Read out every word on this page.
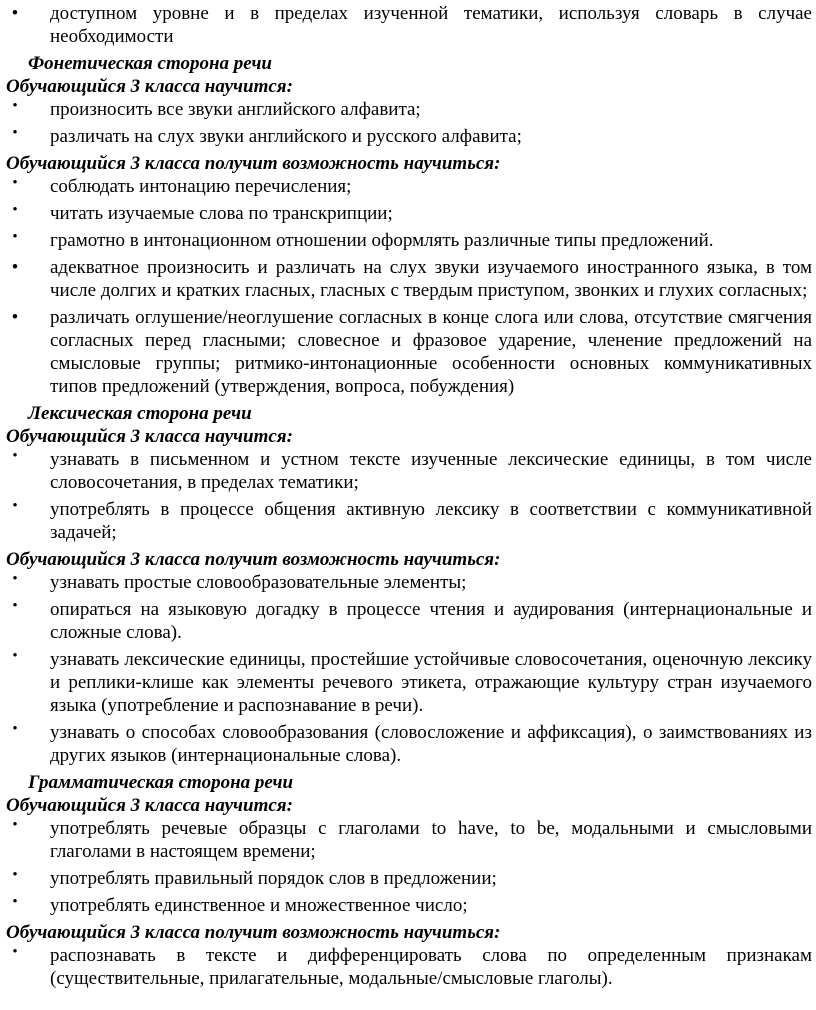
• доступном уровне и в пределах изученной тематики, используя словарь в случае необходимости

Фонетическая сторона речи

Обучающийся 3 класса научится:

• произносить все звуки английского алфавита;
• различать на слух звуки английского и русского алфавита;

Обучающийся 3 класса получит возможность научиться:

• соблюдать интонацию перечисления;
• читать изучаемые слова по транскрипции;
• грамотно в интонационном отношении оформлять различные типы предложений.
• адекватное произносить и различать на слух звуки изучаемого иностранного языка, в том числе долгих и кратких гласных, гласных с твердым приступом, звонких и глухих согласных;
• различать оглушение/неоглушение согласных в конце слога или слова, отсутствие смягчения согласных перед гласными; словесное и фразовое ударение, членение предложений на смысловые группы; ритмико-интонационные особенности основных коммуникативных типов предложений (утверждения, вопроса, побуждения)

Лексическая сторона речи

Обучающийся 3 класса научится:

• узнавать в письменном и устном тексте изученные лексические единицы, в том числе словосочетания, в пределах тематики;
• употреблять в процессе общения активную лексику в соответствии с коммуникативной задачей;

Обучающийся 3 класса получит возможность научиться:

• узнавать простые словообразовательные элементы;
• опираться на языковую догадку в процессе чтения и аудирования (интернациональные и сложные слова).
• узнавать лексические единицы, простейшие устойчивые словосочетания, оценочную лексику и реплики-клише как элементы речевого этикета, отражающие культуру стран изучаемого языка (употребление и распознавание в речи).
• узнавать о способах словообразования (словосложение и аффиксация), о заимствованиях из других языков (интернациональные слова).

Грамматическая сторона речи

Обучающийся 3 класса научится:

• употреблять речевые образцы с глаголами to have, to be, модальными и смысловыми глаголами в настоящем времени;
• употреблять правильный порядок слов в предложении;
• употреблять единственное и множественное число;

Обучающийся 3 класса получит возможность научиться:

• распознавать в тексте и дифференцировать слова по определенным признакам (существительные, прилагательные, модальные/смысловые глаголы).
